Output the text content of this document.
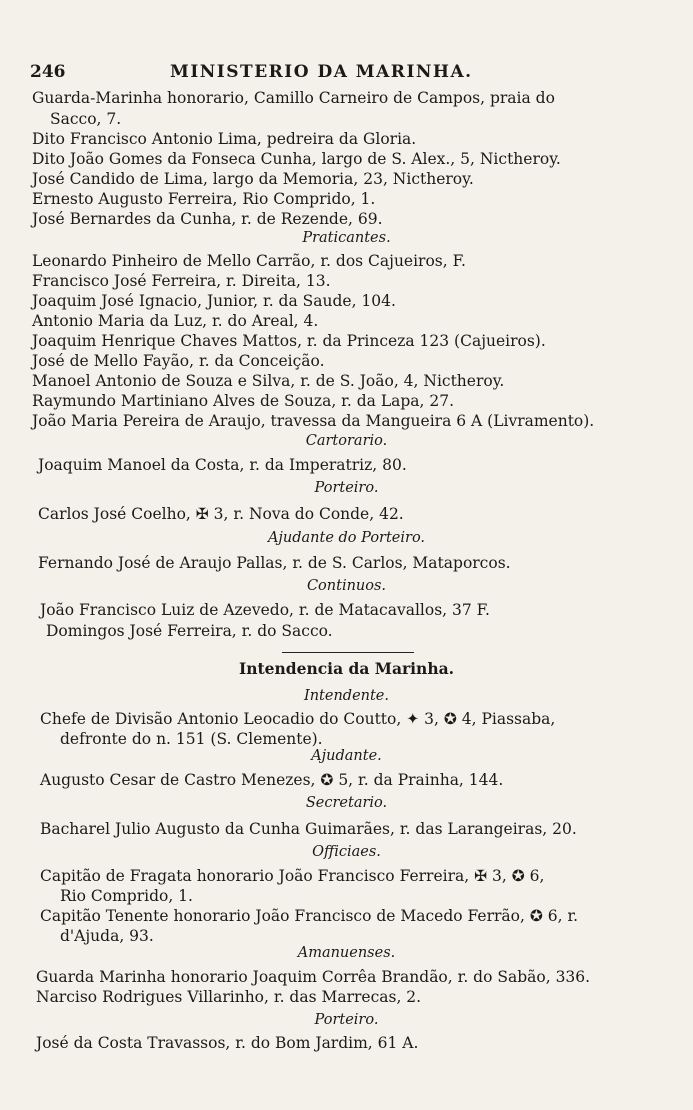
246	MINISTERIO DA MARINHA.
Guarda-Marinha honorario, Camillo Carneiro de Campos, praia do
Sacco, 7.
Dito Francisco Antonio Lima, pedreira da Gloria.
Dito João Gomes da Fonseca Cunha, largo de S. Alex., 5, Nictheroy.
José Candido de Lima, largo da Memoria, 23, Nictheroy.
Ernesto Augusto Ferreira, Rio Comprido, 1.
José Bernardes da Cunha, r. de Rezende, 69.
Praticantes.
Leonardo Pinheiro de Mello Carrão, r. dos Cajueiros, F.
Francisco José Ferreira, r. Direita, 13.
Joaquim José Ignacio, Junior, r. da Saude, 104.
Antonio Maria da Luz, r. do Areal, 4.
Joaquim Henrique Chaves Mattos, r. da Princeza 123 (Cajueiros).
José de Mello Fayão, r. da Conceição.
Manoel Antonio de Souza e Silva, r. de S. João, 4, Nictheroy.
Raymundo Martiniano Alves de Souza, r. da Lapa, 27.
João Maria Pereira de Araujo, travessa da Mangueira 6 A (Livramento).
Cartorario.
Joaquim Manoel da Costa, r. da Imperatriz, 80.
Porteiro.
Carlos José Coelho, ✠ 3, r. Nova do Conde, 42.
Ajudante do Porteiro.
Fernando José de Araujo Pallas, r. de S. Carlos, Mataporcos.
Continuos.
João Francisco Luiz de Azevedo, r. de Matacavallos, 37 F.
Domingos José Ferreira, r. do Sacco.
Intendencia da Marinha.
Intendente.
Chefe de Divisão Antonio Leocadio do Coutto, ✦ 3, ✪ 4, Piassaba,
defronte do n. 151 (S. Clemente).
Ajudante.
Augusto Cesar de Castro Menezes, ✪ 5, r. da Prainha, 144.
Secretario.
Bacharel Julio Augusto da Cunha Guimarães, r. das Larangeiras, 20.
Officiaes.
Capitão de Fragata honorario João Francisco Ferreira, ✠ 3, ✪ 6,
Rio Comprido, 1.
Capitão Tenente honorario João Francisco de Macedo Ferrão, ✪ 6, r.
d'Ajuda, 93.
Amanuenses.
Guarda Marinha honorario Joaquim Corrêa Brandão, r. do Sabão, 336.
Narciso Rodrigues Villarinho, r. das Marrecas, 2.
Porteiro.
José da Costa Travassos, r. do Bom Jardim, 61 A.
